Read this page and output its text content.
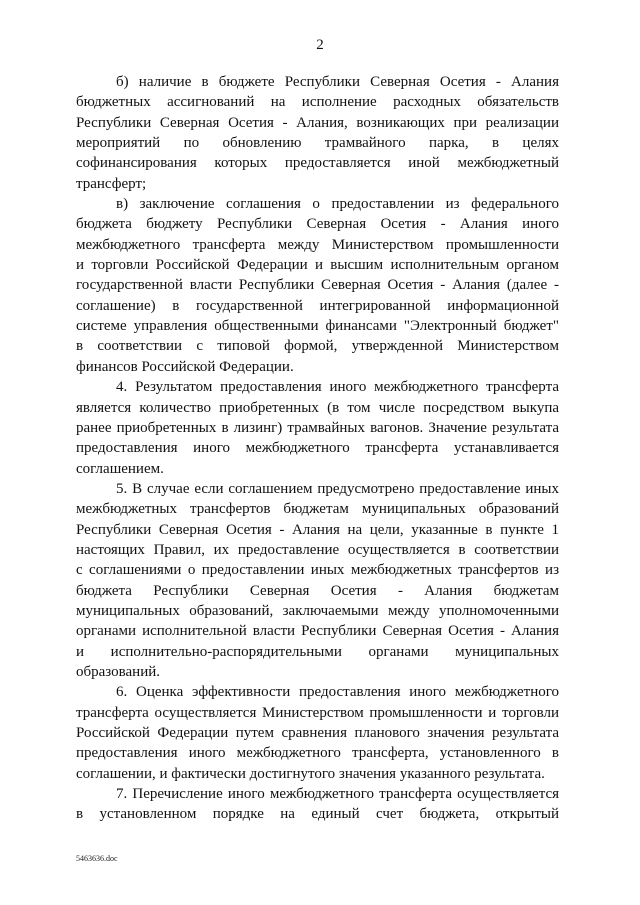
2
б) наличие в бюджете Республики Северная Осетия - Алания
бюджетных ассигнований на исполнение расходных обязательств
Республики Северная Осетия - Алания, возникающих при реализации
мероприятий по обновлению трамвайного парка, в целях
софинансирования которых предоставляется иной межбюджетный
трансферт;
в) заключение соглашения о предоставлении из федерального
бюджета бюджету Республики Северная Осетия - Алания иного
межбюджетного трансферта между Министерством промышленности
и торговли Российской Федерации и высшим исполнительным органом
государственной власти Республики Северная Осетия - Алания (далее -
соглашение) в государственной интегрированной информационной
системе управления общественными финансами "Электронный бюджет"
в соответствии с типовой формой, утвержденной Министерством
финансов Российской Федерации.
4. Результатом предоставления иного межбюджетного трансферта
является количество приобретенных (в том числе посредством выкупа
ранее приобретенных в лизинг) трамвайных вагонов. Значение результата
предоставления иного межбюджетного трансферта устанавливается
соглашением.
5. В случае если соглашением предусмотрено предоставление иных
межбюджетных трансфертов бюджетам муниципальных образований
Республики Северная Осетия - Алания на цели, указанные в пункте 1
настоящих Правил, их предоставление осуществляется в соответствии
с соглашениями о предоставлении иных межбюджетных трансфертов из
бюджета Республики Северная Осетия - Алания бюджетам
муниципальных образований, заключаемыми между уполномоченными
органами исполнительной власти Республики Северная Осетия - Алания
и исполнительно-распорядительными органами муниципальных
образований.
6. Оценка эффективности предоставления иного межбюджетного
трансферта осуществляется Министерством промышленности и торговли
Российской Федерации путем сравнения планового значения результата
предоставления иного межбюджетного трансферта, установленного в
соглашении, и фактически достигнутого значения указанного результата.
7. Перечисление иного межбюджетного трансферта осуществляется
в установленном порядке на единый счет бюджета, открытый
5463636.doc
